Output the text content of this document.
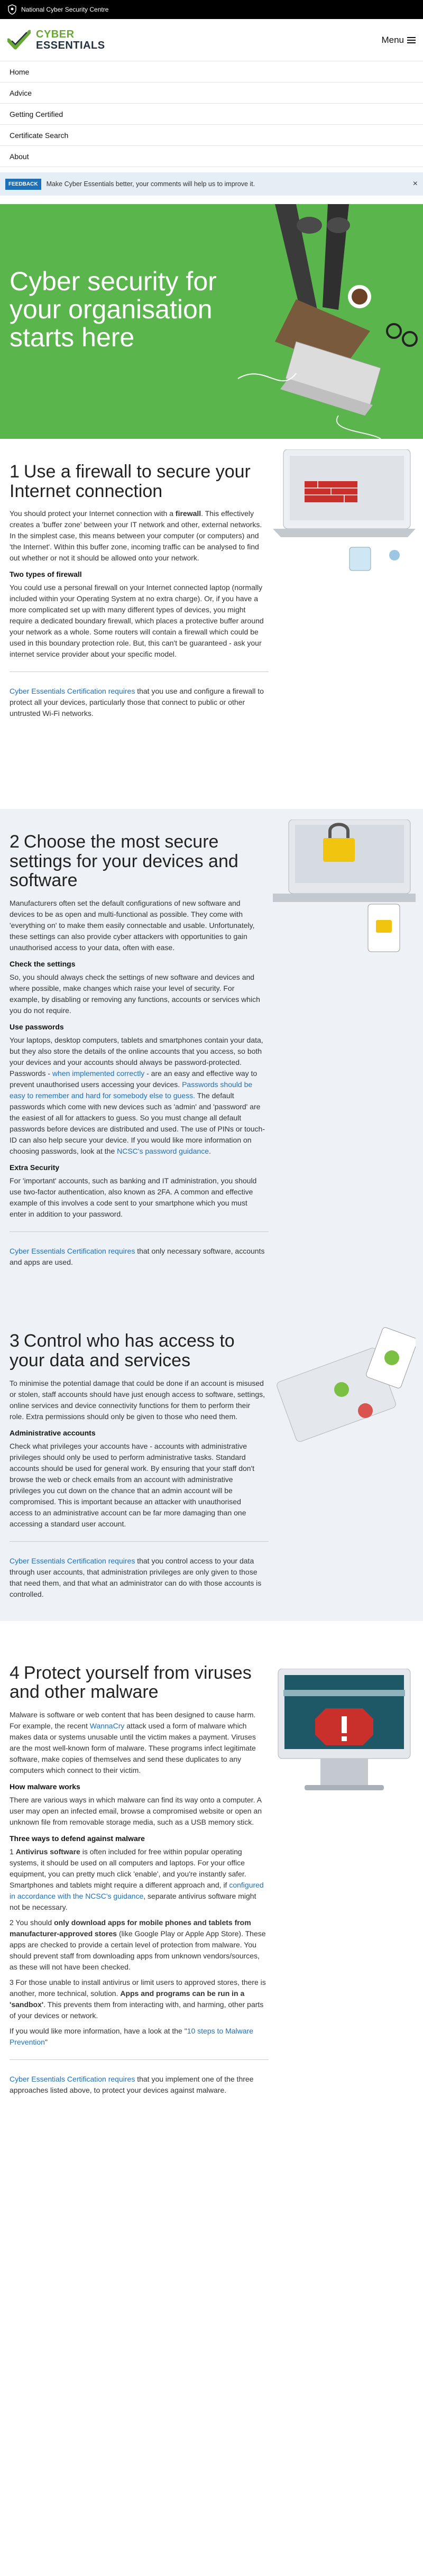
National Cyber Security Centre
CYBER
ESSENTIALS	Menu
Home
Advice
Getting Certified
Certificate Search
About
FEEDBACK	Make Cyber Essentials better, your comments will help us to improve it.	×
Cyber security for your organisation starts here
1 Use a firewall to secure your Internet connection

You should protect your Internet connection with a firewall. This effectively creates a 'buffer zone' between your IT network and other, external networks. In the simplest case, this means between your computer (or computers) and 'the Internet'. Within this buffer zone, incoming traffic can be analysed to find out whether or not it should be allowed onto your network.

Two types of firewall

You could use a personal firewall on your Internet connected laptop (normally included within your Operating System at no extra charge). Or, if you have a more complicated set up with many different types of devices, you might require a dedicated boundary firewall, which places a protective buffer around your network as a whole. Some routers will contain a firewall which could be used in this boundary protection role. But, this can't be guaranteed - ask your internet service provider about your specific model.

Cyber Essentials Certification requires that you use and configure a firewall to protect all your devices, particularly those that connect to public or other untrusted Wi-Fi networks.

2 Choose the most secure settings for your devices and software

Manufacturers often set the default configurations of new software and devices to be as open and multi-functional as possible. They come with 'everything on' to make them easily connectable and usable. Unfortunately, these settings can also provide cyber attackers with opportunities to gain unauthorised access to your data, often with ease.

Check the settings

So, you should always check the settings of new software and devices and where possible, make changes which raise your level of security. For example, by disabling or removing any functions, accounts or services which you do not require.

Use passwords

Your laptops, desktop computers, tablets and smartphones contain your data, but they also store the details of the online accounts that you access, so both your devices and your accounts should always be password-protected. Passwords - when implemented correctly - are an easy and effective way to prevent unauthorised users accessing your devices. Passwords should be easy to remember and hard for somebody else to guess. The default passwords which come with new devices such as 'admin' and 'password' are the easiest of all for attackers to guess. So you must change all default passwords before devices are distributed and used. The use of PINs or touch-ID can also help secure your device. If you would like more information on choosing passwords, look at the NCSC's password guidance.

Extra Security

For 'important' accounts, such as banking and IT administration, you should use two-factor authentication, also known as 2FA. A common and effective example of this involves a code sent to your smartphone which you must enter in addition to your password.

Cyber Essentials Certification requires that only necessary software, accounts and apps are used.

3 Control who has access to your data and services

To minimise the potential damage that could be done if an account is misused or stolen, staff accounts should have just enough access to software, settings, online services and device connectivity functions for them to perform their role. Extra permissions should only be given to those who need them.

Administrative accounts

Check what privileges your accounts have - accounts with administrative privileges should only be used to perform administrative tasks. Standard accounts should be used for general work. By ensuring that your staff don't browse the web or check emails from an account with administrative privileges you cut down on the chance that an admin account will be compromised. This is important because an attacker with unauthorised access to an administrative account can be far more damaging than one accessing a standard user account.

Cyber Essentials Certification requires that you control access to your data through user accounts, that administration privileges are only given to those that need them, and that what an administrator can do with those accounts is controlled.

4 Protect yourself from viruses and other malware

Malware is software or web content that has been designed to cause harm. For example, the recent WannaCry attack used a form of malware which makes data or systems unusable until the victim makes a payment. Viruses are the most well-known form of malware. These programs infect legitimate software, make copies of themselves and send these duplicates to any computers which connect to their victim.

How malware works

There are various ways in which malware can find its way onto a computer. A user may open an infected email, browse a compromised website or open an unknown file from removable storage media, such as a USB memory stick.

Three ways to defend against malware

1 Antivirus software is often included for free within popular operating systems, it should be used on all computers and laptops. For your office equipment, you can pretty much click 'enable', and you're instantly safer. Smartphones and tablets might require a different approach and, if configured in accordance with the NCSC's guidance, separate antivirus software might not be necessary.

2 You should only download apps for mobile phones and tablets from manufacturer-approved stores (like Google Play or Apple App Store). These apps are checked to provide a certain level of protection from malware. You should prevent staff from downloading apps from unknown vendors/sources, as these will not have been checked.

3 For those unable to install antivirus or limit users to approved stores, there is another, more technical, solution. Apps and programs can be run in a 'sandbox'. This prevents them from interacting with, and harming, other parts of your devices or network.

If you would like more information, have a look at the "10 steps to Malware Prevention"

Cyber Essentials Certification requires that you implement one of the three approaches listed above, to protect your devices against malware.
